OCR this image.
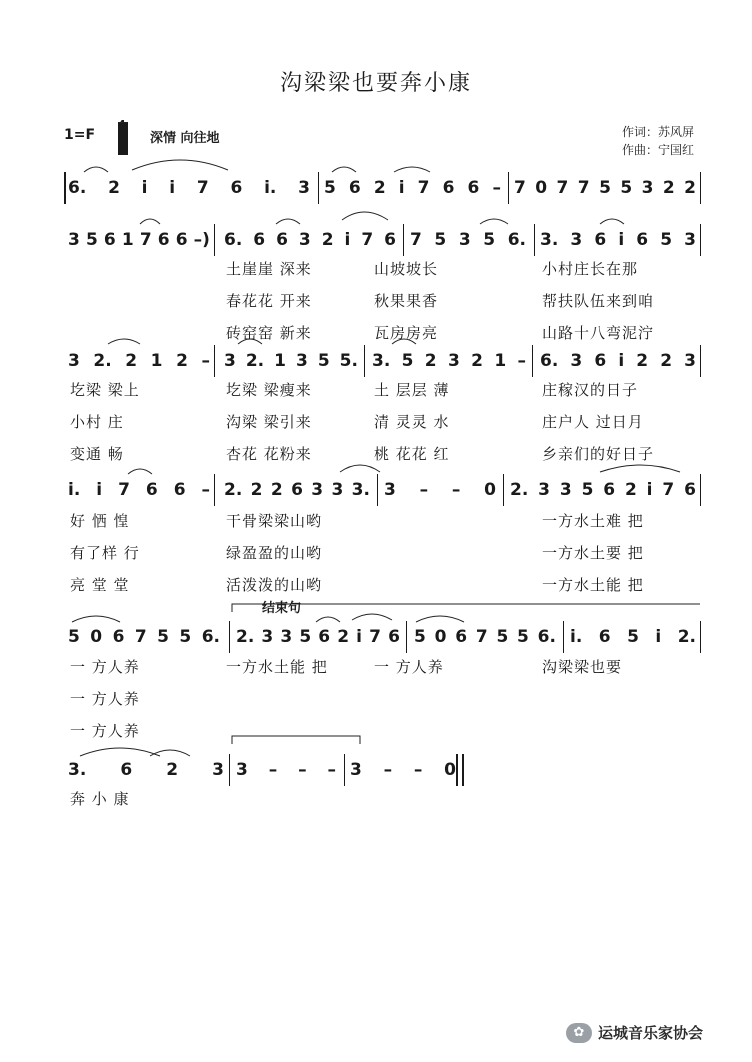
沟梁梁也要奔小康
1=F	深情 向往地	作词：苏风屏
作曲：宁国红
6. 2 i i 7 6 i. 3 5 6 2 i 7 6 6 – 7 0 7 7 5 5 3 2 2
3 5 6 1 7 6 6 –) 6. 6 6 3 2 i 7 6 7 5 3 5 6. 3. 3 6 i 6 5 3
3 2. 2 1 2 – 3 2. 1 3 5 5. 3. 5 2 3 2 1 – 6. 3 6 i 2 2 3
i. i 7 6 6 – 2. 2 2 6 3 3 3. 3 – – 0 2. 3 3 5 6 2 i 7 6
5 0 6 7 5 5 6. 2. 3 3 5 6 2 i 7 6 5 0 6 7 5 5 6. i. 6 5 i 2.
3. 6 2 3 3 – – – 3 – – 0
土崖崖 深来	山坡坡长	小村庄长在那
春花花 开来	秋果果香	帮扶队伍来到咱
砖窑窑 新来	瓦房房亮	山路十八弯泥泞
圪梁 梁上	圪梁 梁瘦来	土 层层 薄	庄稼汉的日子
小村 庄	沟梁 梁引来	清 灵灵 水	庄户人 过日月
变通 畅	杏花 花粉来	桃 花花 红	乡亲们的好日子
好 恓 惶	干骨梁梁山哟	一方水土难 把
有了样 行	绿盈盈的山哟	一方水土要 把
亮 堂 堂	活泼泼的山哟	一方水土能 把
一 方人养	一方水土能 把	一 方人养	沟梁梁也要
一 方人养
一 方人养
奔 小 康
结束句
✿ 运城音乐家协会
